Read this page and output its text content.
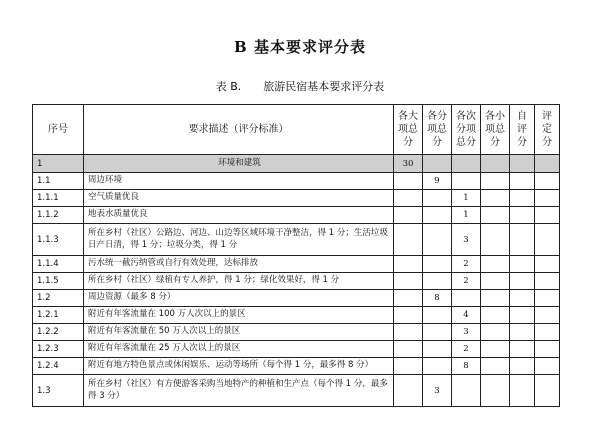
B 基本要求评分表
表 B. 旅游民宿基本要求评分表
序号	要求描述（评分标准）	各大
项总
分	各分
项总
分	各次
分项
总分	各小
项总
分	自
评
分	评
定
分
1	环境和建筑	30					
1.1	周边环境		9				
1.1.1	空气质量优良			1			
1.1.2	地表水质量优良			1			
1.1.3	所在乡村（社区）公路边、河边、山边等区域环境干净整洁，得 1 分；生活垃圾日产日清，得 1 分；垃圾分类，得 1 分			3			
1.1.4	污水统一截污纳管或自行有效处理，达标排放			2			
1.1.5	所在乡村（社区）绿植有专人养护，得 1 分；绿化效果好，得 1 分			2			
1.2	周边资源（最多 8 分）		8				
1.2.1	附近有年客流量在 100 万人次以上的景区			4			
1.2.2	附近有年客流量在 50 万人次以上的景区			3			
1.2.3	附近有年客流量在 25 万人次以上的景区			2			
1.2.4	附近有地方特色景点或休闲娱乐、运动等场所（每个得 1 分，最多得 8 分）			8			
1.3	所在乡村（社区）有方便游客采购当地特产的种植和生产点（每个得 1 分，最多得 3 分）		3				
